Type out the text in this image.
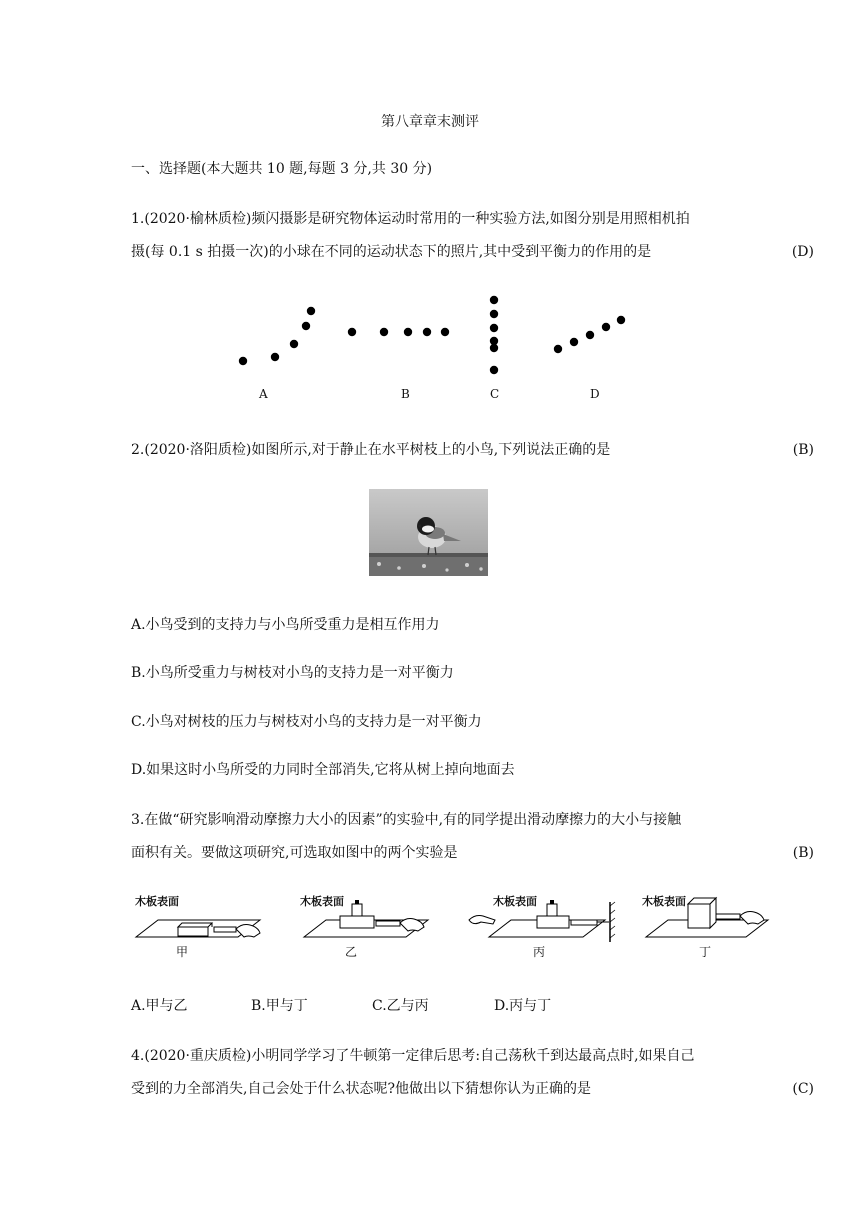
第八章章末测评
一、选择题(本大题共 10 题,每题 3 分,共 30 分)
1.(2020·榆林质检)频闪摄影是研究物体运动时常用的一种实验方法,如图分别是用照相机拍
摄(每 0.1 s 拍摄一次)的小球在不同的运动状态下的照片,其中受到平衡力的作用的是	(D)
A	B	C	D
2.(2020·洛阳质检)如图所示,对于静止在水平树枝上的小鸟,下列说法正确的是	(B)
A.小鸟受到的支持力与小鸟所受重力是相互作用力
B.小鸟所受重力与树枝对小鸟的支持力是一对平衡力
C.小鸟对树枝的压力与树枝对小鸟的支持力是一对平衡力
D.如果这时小鸟所受的力同时全部消失,它将从树上掉向地面去
3.在做“研究影响滑动摩擦力大小的因素”的实验中,有的同学提出滑动摩擦力的大小与接触
面积有关。要做这项研究,可选取如图中的两个实验是	(B)
木板表面	木板表面	木板表面	木板表面
甲	乙	丙	丁
A.甲与乙	B.甲与丁	C.乙与丙	D.丙与丁
4.(2020·重庆质检)小明同学学习了牛顿第一定律后思考:自己荡秋千到达最高点时,如果自己
受到的力全部消失,自己会处于什么状态呢?他做出以下猜想你认为正确的是	(C)
